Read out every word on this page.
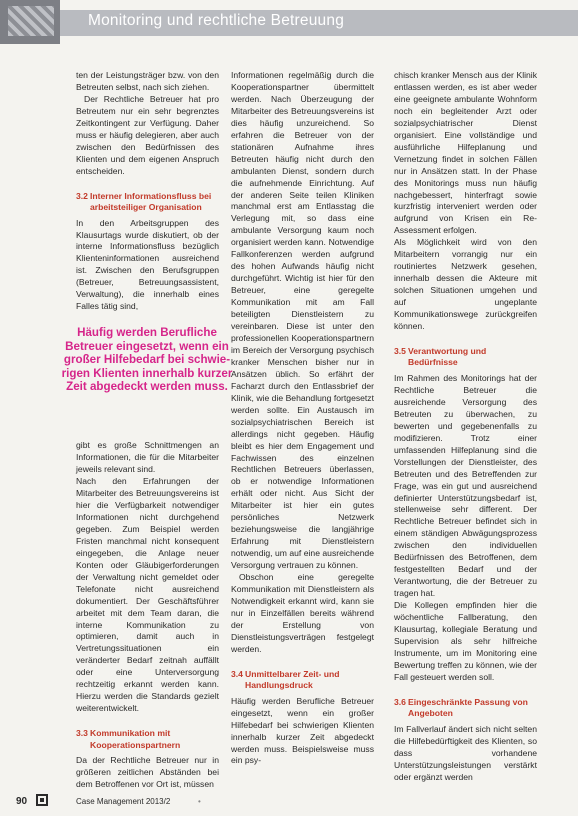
Monitoring und rechtliche Betreuung

ten der Leistungsträger bzw. von den Betreuten selbst, nach sich ziehen.

Der Rechtliche Betreuer hat pro Betreutem nur ein sehr begrenztes Zeitkontingent zur Verfügung. Daher muss er häufig delegieren, aber auch zwischen den Bedürfnissen des Klienten und dem eigenen Anspruch entscheiden.

3.2 Interner Informationsfluss bei
arbeitsteiliger Organisation

In den Arbeitsgruppen des Klausurtags wurde diskutiert, ob der interne Informationsfluss bezüglich Klienteninformationen ausreichend ist. Zwischen den Berufsgruppen (Betreuer, Betreuungsassistent, Verwaltung), die innerhalb eines Falles tätig sind,

gibt es große Schnittmengen an Informationen, die für die Mitarbeiter jeweils relevant sind.

Nach den Erfahrungen der Mitarbeiter des Betreuungsvereins ist hier die Verfügbarkeit notwendiger Informationen nicht durchgehend gegeben. Zum Beispiel werden Fristen manchmal nicht konsequent eingegeben, die Anlage neuer Konten oder Gläubigerforderungen der Verwaltung nicht gemeldet oder Telefonate nicht ausreichend dokumentiert. Der Geschäftsführer arbeitet mit dem Team daran, die interne Kommunikation zu optimieren, damit auch in Vertretungssituationen ein veränderter Bedarf zeitnah auffällt oder eine Unterversorgung rechtzeitig erkannt werden kann. Hierzu werden die Standards gezielt weiterentwickelt.

3.3 Kommunikation mit
Kooperationspartnern

Da der Rechtliche Betreuer nur in größeren zeitlichen Abständen bei dem Betroffenen vor Ort ist, müssen

Häufig werden Berufliche
Betreuer eingesetzt, wenn ein
großer Hilfebedarf bei schwie-
rigen Klienten innerhalb kurzer
Zeit abgedeckt werden muss.

Informationen regelmäßig durch die Kooperationspartner übermittelt werden. Nach Überzeugung der Mitarbeiter des Betreuungsvereins ist dies häufig unzureichend. So erfahren die Betreuer von der stationären Aufnahme ihres Betreuten häufig nicht durch den ambulanten Dienst, sondern durch die aufnehmende Einrichtung. Auf der anderen Seite teilen Kliniken manchmal erst am Entlasstag die Verlegung mit, so dass eine ambulante Versorgung kaum noch organisiert werden kann. Notwendige Fallkonferenzen werden aufgrund des hohen Aufwands häufig nicht durchgeführt. Wichtig ist hier für den Betreuer, eine geregelte Kommunikation mit am Fall beteiligten Dienstleistern zu vereinbaren. Diese ist unter den professionellen Kooperationspartnern im Bereich der Versorgung psychisch kranker Menschen bisher nur in Ansätzen üblich. So erfährt der Facharzt durch den Entlassbrief der Klinik, wie die Behandlung fortgesetzt werden sollte. Ein Austausch im sozialpsychiatrischen Bereich ist allerdings nicht gegeben. Häufig bleibt es hier dem Engagement und Fachwissen des einzelnen Rechtlichen Betreuers überlassen, ob er notwendige Informationen erhält oder nicht. Aus Sicht der Mitarbeiter ist hier ein gutes persönliches Netzwerk beziehungsweise die langjährige Erfahrung mit Dienstleistern notwendig, um auf eine ausreichende Versorgung vertrauen zu können.

Obschon eine geregelte Kommunikation mit Dienstleistern als Notwendigkeit erkannt wird, kann sie nur in Einzelfällen bereits während der Erstellung von Dienstleistungsverträgen festgelegt werden.

3.4 Unmittelbarer Zeit- und
Handlungsdruck

Häufig werden Berufliche Betreuer eingesetzt, wenn ein großer Hilfebedarf bei schwierigen Klienten innerhalb kurzer Zeit abgedeckt werden muss. Beispielsweise muss ein psy-

chisch kranker Mensch aus der Klinik entlassen werden, es ist aber weder eine geeignete ambulante Wohnform noch ein begleitender Arzt oder sozialpsychiatrischer Dienst organisiert. Eine vollständige und ausführliche Hilfeplanung und Vernetzung findet in solchen Fällen nur in Ansätzen statt. In der Phase des Monitorings muss nun häufig nachgebessert, hinterfragt sowie kurzfristig interveniert werden oder aufgrund von Krisen ein Re-Assessment erfolgen.

Als Möglichkeit wird von den Mitarbeitern vorrangig nur ein routiniertes Netzwerk gesehen, innerhalb dessen die Akteure mit solchen Situationen umgehen und auf ungeplante Kommunikationswege zurückgreifen können.

3.5 Verantwortung und
Bedürfnisse

Im Rahmen des Monitorings hat der Rechtliche Betreuer die ausreichende Versorgung des Betreuten zu überwachen, zu bewerten und gegebenenfalls zu modifizieren. Trotz einer umfassenden Hilfeplanung sind die Vorstellungen der Dienstleister, des Betreuten und des Betreffenden zur Frage, was ein gut und ausreichend definierter Unterstützungsbedarf ist, stellenweise sehr different. Der Rechtliche Betreuer befindet sich in einem ständigen Abwägungsprozess zwischen den individuellen Bedürfnissen des Betroffenen, dem festgestellten Bedarf und der Verantwortung, die der Betreuer zu tragen hat.

Die Kollegen empfinden hier die wöchentliche Fallberatung, den Klausurtag, kollegiale Beratung und Supervision als sehr hilfreiche Instrumente, um im Monitoring eine Bewertung treffen zu können, wie der Fall gesteuert werden soll.

3.6 Eingeschränkte Passung von
Angeboten

Im Fallverlauf ändert sich nicht selten die Hilfebedürftigkeit des Klienten, so dass vorhandene Unterstützungsleistungen verstärkt oder ergänzt werden

90	Case Management 2013/2	•
